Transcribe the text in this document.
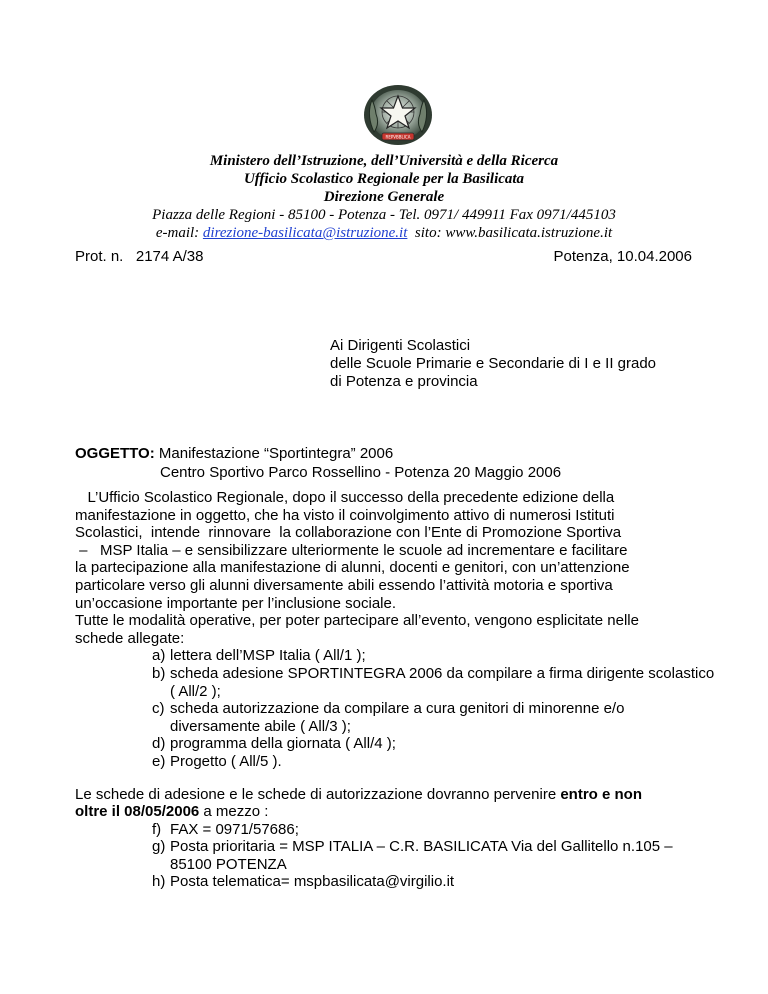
REPVBBLICA
Ministero dell’Istruzione, dell’Università e della Ricerca
Ufficio Scolastico Regionale per la Basilicata
Direzione Generale
Piazza delle Regioni - 85100 - Potenza - Tel. 0971/ 449911 Fax 0971/445103
e-mail: direzione-basilicata@istruzione.it  sito: www.basilicata.istruzione.it
Prot. n.   2174 A/38	Potenza, 10.04.2006
Ai Dirigenti Scolastici
delle Scuole Primarie e Secondarie di I e II grado
di Potenza e provincia
OGGETTO: Manifestazione “Sportintegra” 2006
Centro Sportivo Parco Rossellino - Potenza 20 Maggio 2006

L’Ufficio Scolastico Regionale, dopo il successo della precedente edizione della

manifestazione in oggetto, che ha visto il coinvolgimento attivo di numerosi Istituti

Scolastici,  intende  rinnovare  la collaborazione con l’Ente di Promozione Sportiva

–   MSP Italia – e sensibilizzare ulteriormente le scuole ad incrementare e facilitare

la partecipazione alla manifestazione di alunni, docenti e genitori, con un’attenzione

particolare verso gli alunni diversamente abili essendo l’attività motoria e sportiva

un’occasione importante per l’inclusione sociale.

Tutte le modalità operative, per poter partecipare all’evento, vengono esplicitate nelle

schede allegate:

a) lettera dell’MSP Italia ( All/1 );
b) scheda adesione SPORTINTEGRA 2006 da compilare a firma dirigente scolastico ( All/2 );
c) scheda autorizzazione da compilare a cura genitori di minorenne e/o diversamente abile ( All/3 );
d) programma della giornata ( All/4 );
e) Progetto ( All/5 ).

Le schede di adesione e le schede di autorizzazione dovranno pervenire entro e non
oltre il 08/05/2006 a mezzo :

f) FAX = 0971/57686;
g) Posta prioritaria = MSP ITALIA – C.R. BASILICATA Via del Gallitello n.105 – 85100 POTENZA
h) Posta telematica= mspbasilicata@virgilio.it
